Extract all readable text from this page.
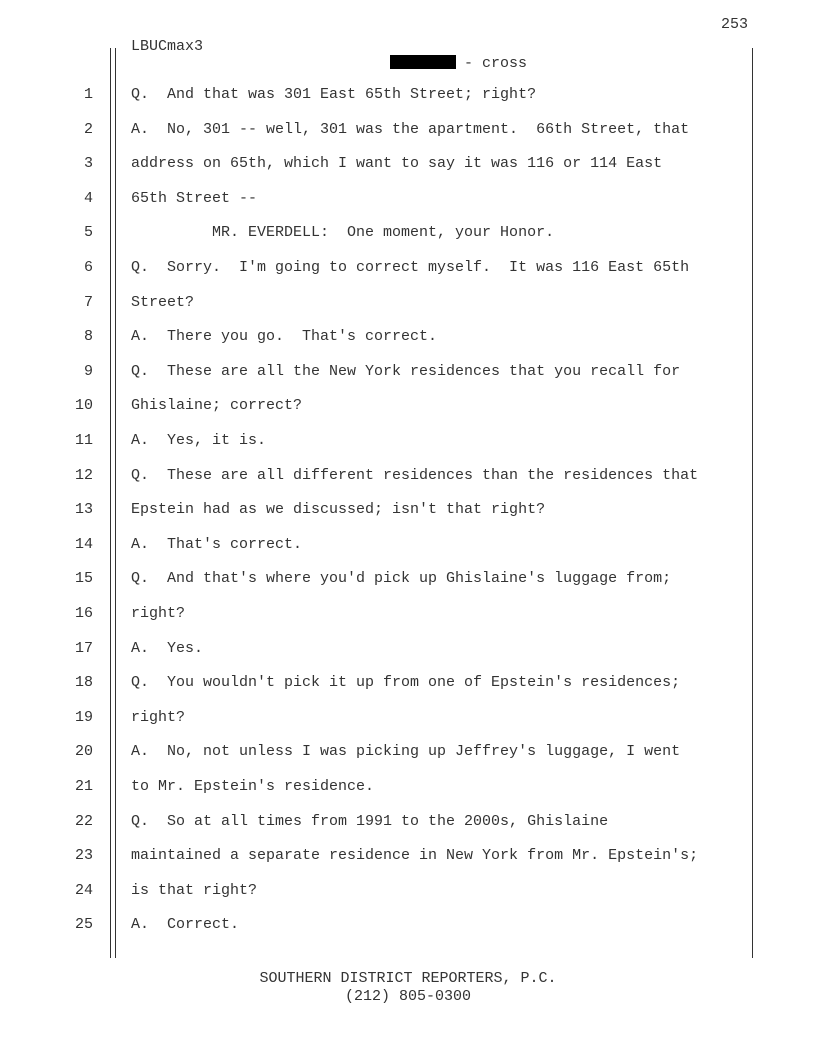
253
LBUCmax3

- cross

1	Q.  And that was 301 East 65th Street; right?
2	A.  No, 301 -- well, 301 was the apartment.  66th Street, that
3	address on 65th, which I want to say it was 116 or 114 East
4	65th Street --
5	MR. EVERDELL:  One moment, your Honor.
6	Q.  Sorry.  I'm going to correct myself.  It was 116 East 65th
7	Street?
8	A.  There you go.  That's correct.
9	Q.  These are all the New York residences that you recall for
10	Ghislaine; correct?
11	A.  Yes, it is.
12	Q.  These are all different residences than the residences that
13	Epstein had as we discussed; isn't that right?
14	A.  That's correct.
15	Q.  And that's where you'd pick up Ghislaine's luggage from;
16	right?
17	A.  Yes.
18	Q.  You wouldn't pick it up from one of Epstein's residences;
19	right?
20	A.  No, not unless I was picking up Jeffrey's luggage, I went
21	to Mr. Epstein's residence.
22	Q.  So at all times from 1991 to the 2000s, Ghislaine
23	maintained a separate residence in New York from Mr. Epstein's;
24	is that right?
25	A.  Correct.
SOUTHERN DISTRICT REPORTERS, P.C.
(212) 805-0300
